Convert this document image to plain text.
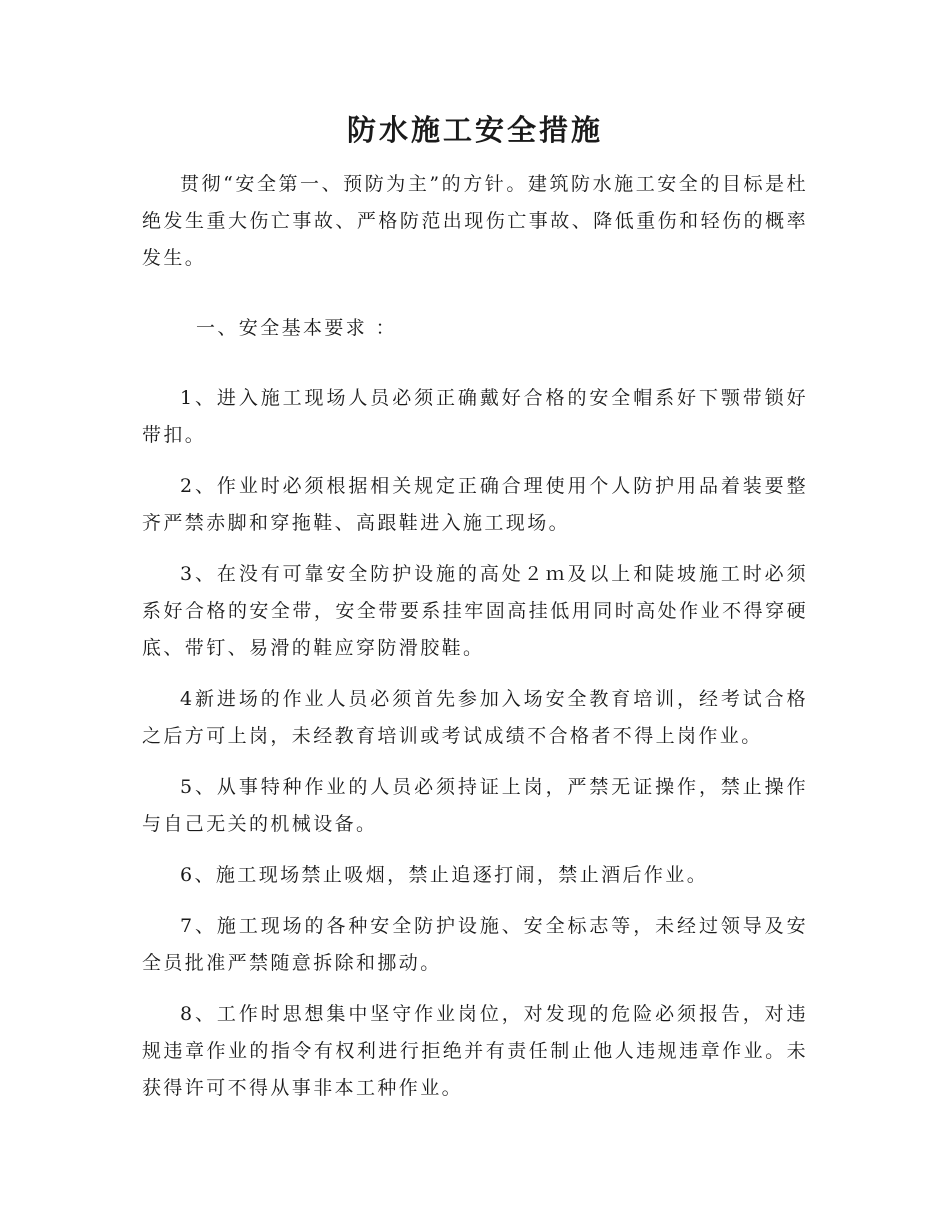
防水施工安全措施

贯彻“安全第一、预防为主”的方针。建筑防水施工安全的目标是杜绝发生重大伤亡事故、严格防范出现伤亡事故、降低重伤和轻伤的概率发生。

一、安全基本要求 ：

1、进入施工现场人员必须正确戴好合格的安全帽系好下颚带锁好带扣。

2、作业时必须根据相关规定正确合理使用个人防护用品着装要整齐严禁赤脚和穿拖鞋、高跟鞋进入施工现场。

3、在没有可靠安全防护设施的高处２ｍ及以上和陡坡施工时必须系好合格的安全带，安全带要系挂牢固高挂低用同时高处作业不得穿硬底、带钉、易滑的鞋应穿防滑胶鞋。

4新进场的作业人员必须首先参加入场安全教育培训，经考试合格之后方可上岗，未经教育培训或考试成绩不合格者不得上岗作业。

5、从事特种作业的人员必须持证上岗，严禁无证操作，禁止操作与自己无关的机械设备。

6、施工现场禁止吸烟，禁止追逐打闹，禁止酒后作业。

7、施工现场的各种安全防护设施、安全标志等，未经过领导及安全员批准严禁随意拆除和挪动。

8、工作时思想集中坚守作业岗位，对发现的危险必须报告，对违规违章作业的指令有权利进行拒绝并有责任制止他人违规违章作业。未获得许可不得从事非本工种作业。
